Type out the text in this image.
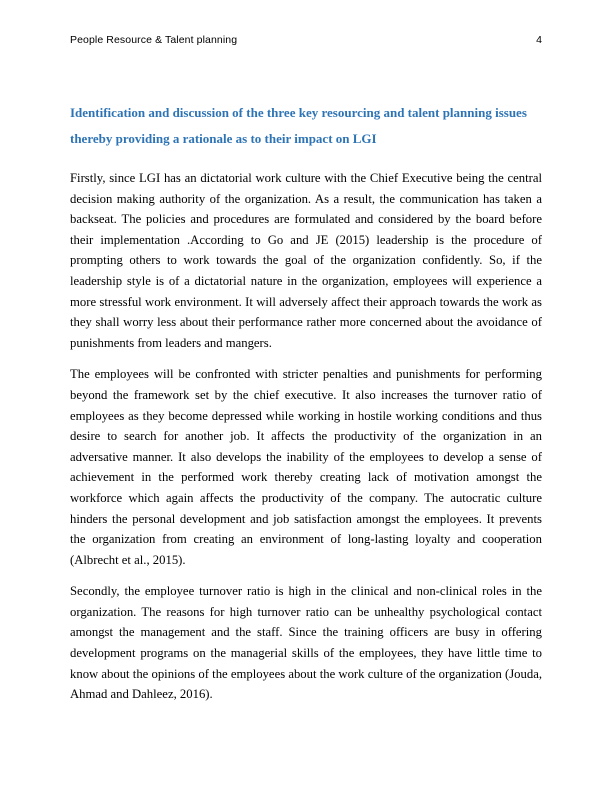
People Resource & Talent planning	4
Identification and discussion of the three key resourcing and talent planning issues thereby providing a rationale as to their impact on LGI

Firstly, since LGI has an dictatorial work culture with the Chief Executive being the central decision making authority of the organization. As a result, the communication has taken a backseat. The policies and procedures are formulated and considered by the board before their implementation .According to Go and JE (2015) leadership is the procedure of prompting others to work towards the goal of the organization confidently. So, if the leadership style is of a dictatorial nature in the organization, employees will experience a more stressful work environment. It will adversely affect their approach towards the work as they shall worry less about their performance rather more concerned about the avoidance of punishments from leaders and mangers.

The employees will be confronted with stricter penalties and punishments for performing beyond the framework set by the chief executive. It also increases the turnover ratio of employees as they become depressed while working in hostile working conditions and thus desire to search for another job. It affects the productivity of the organization in an adversative manner. It also develops the inability of the employees to develop a sense of achievement in the performed work thereby creating lack of motivation amongst the workforce which again affects the productivity of the company. The autocratic culture hinders the personal development and job satisfaction amongst the employees. It prevents the organization from creating an environment of long-lasting loyalty and cooperation (Albrecht et al., 2015).

Secondly, the employee turnover ratio is high in the clinical and non-clinical roles in the organization. The reasons for high turnover ratio can be unhealthy psychological contact amongst the management and the staff. Since the training officers are busy in offering development programs on the managerial skills of the employees, they have little time to know about the opinions of the employees about the work culture of the organization (Jouda, Ahmad and Dahleez, 2016).
